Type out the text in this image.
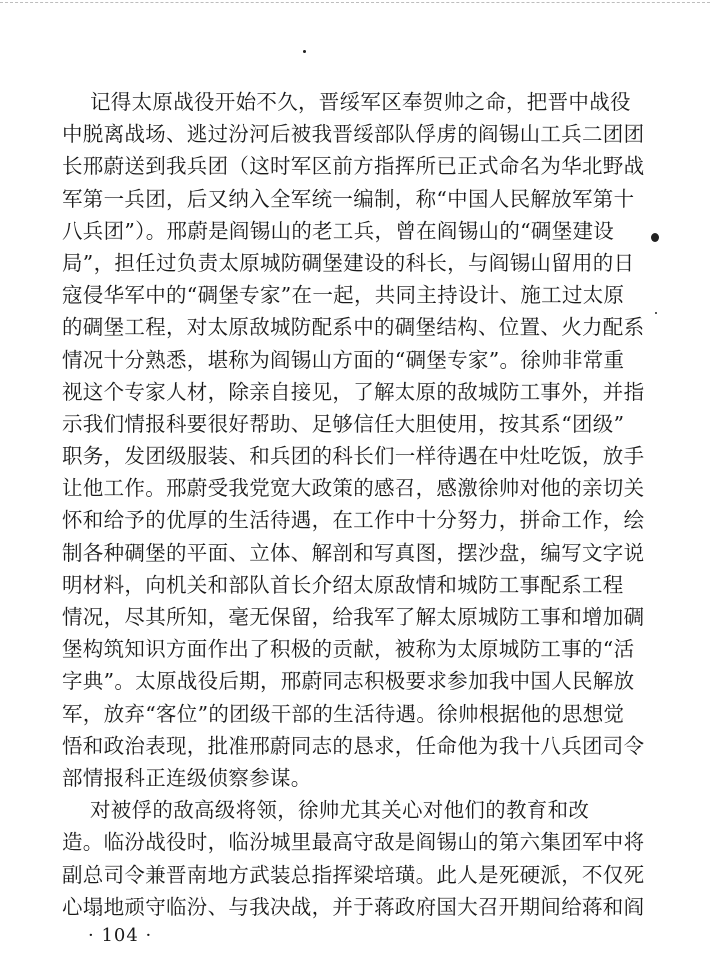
记得太原战役开始不久，晋绥军区奉贺帅之命，把晋中战役
中脱离战场、逃过汾河后被我晋绥部队俘虏的阎锡山工兵二团团
长邢蔚送到我兵团（这时军区前方指挥所已正式命名为华北野战
军第一兵团，后又纳入全军统一编制，称“中国人民解放军第十
八兵团”）。邢蔚是阎锡山的老工兵，曾在阎锡山的“碉堡建设
局”，担任过负责太原城防碉堡建设的科长，与阎锡山留用的日
寇侵华军中的“碉堡专家”在一起，共同主持设计、施工过太原
的碉堡工程，对太原敌城防配系中的碉堡结构、位置、火力配系
情况十分熟悉，堪称为阎锡山方面的“碉堡专家”。徐帅非常重
视这个专家人材，除亲自接见，了解太原的敌城防工事外，并指
示我们情报科要很好帮助、足够信任大胆使用，按其系“团级”
职务，发团级服装、和兵团的科长们一样待遇在中灶吃饭，放手
让他工作。邢蔚受我党宽大政策的感召，感激徐帅对他的亲切关
怀和给予的优厚的生活待遇，在工作中十分努力，拼命工作，绘
制各种碉堡的平面、立体、解剖和写真图，摆沙盘，编写文字说
明材料，向机关和部队首长介绍太原敌情和城防工事配系工程
情况，尽其所知，毫无保留，给我军了解太原城防工事和增加碉
堡构筑知识方面作出了积极的贡献，被称为太原城防工事的“活
字典”。太原战役后期，邢蔚同志积极要求参加我中国人民解放
军，放弃“客位”的团级干部的生活待遇。徐帅根据他的思想觉
悟和政治表现，批准邢蔚同志的恳求，任命他为我十八兵团司令
部情报科正连级侦察参谋。
对被俘的敌高级将领，徐帅尤其关心对他们的教育和改
造。临汾战役时，临汾城里最高守敌是阎锡山的第六集团军中将
副总司令兼晋南地方武装总指挥梁培璜。此人是死硬派，不仅死
心塌地顽守临汾、与我决战，并于蒋政府国大召开期间给蒋和阎
· 104 ·
